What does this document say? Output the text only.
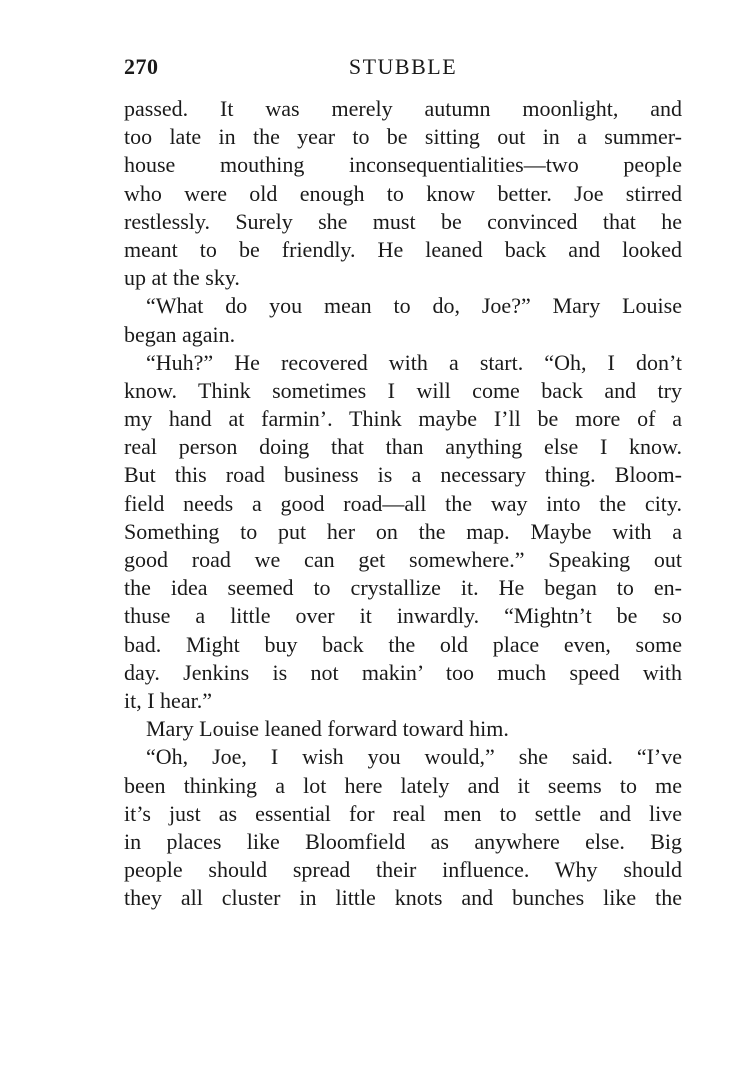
270	STUBBLE
passed. It was merely autumn moonlight, and
too late in the year to be sitting out in a summer-
house mouthing inconsequentialities—two people
who were old enough to know better. Joe stirred
restlessly. Surely she must be convinced that he
meant to be friendly. He leaned back and looked
up at the sky.
“What do you mean to do, Joe?” Mary Louise
began again.
“Huh?” He recovered with a start. “Oh, I don’t
know. Think sometimes I will come back and try
my hand at farmin’. Think maybe I’ll be more of a
real person doing that than anything else I know.
But this road business is a necessary thing. Bloom-
field needs a good road—all the way into the city.
Something to put her on the map. Maybe with a
good road we can get somewhere.” Speaking out
the idea seemed to crystallize it. He began to en-
thuse a little over it inwardly. “Mightn’t be so
bad. Might buy back the old place even, some
day. Jenkins is not makin’ too much speed with
it, I hear.”
Mary Louise leaned forward toward him.
“Oh, Joe, I wish you would,” she said. “I’ve
been thinking a lot here lately and it seems to me
it’s just as essential for real men to settle and live
in places like Bloomfield as anywhere else. Big
people should spread their influence. Why should
they all cluster in little knots and bunches like the
